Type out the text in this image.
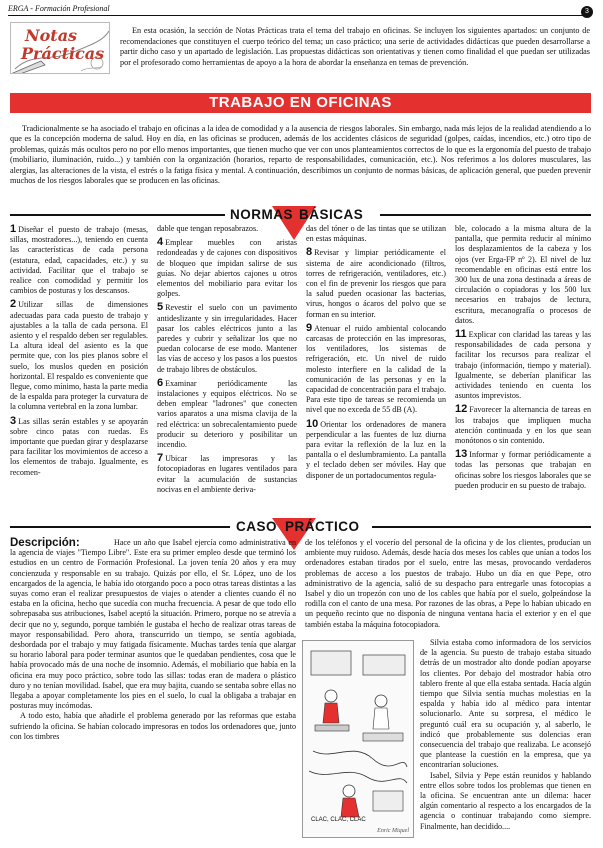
ERGA - Formación Profesional	3
Notas
Prácticas

En esta ocasión, la sección de Notas Prácticas trata el tema del trabajo en oficinas. Se incluyen los siguientes apartados: un conjunto de recomendaciones que constituyen el cuerpo teórico del tema; un caso práctico; una serie de actividades didácticas que pueden desarrollarse a partir dicho caso y un apartado de legislación. Las propuestas didácticas son orientativas y tienen como finalidad el que puedan ser utilizadas por el profesorado como herramientas de apoyo a la hora de abordar la enseñanza en temas de prevención.

TRABAJO EN OFICINAS

Tradicionalmente se ha asociado el trabajo en oficinas a la idea de comodidad y a la ausencia de riesgos laborales. Sin embargo, nada más lejos de la realidad atendiendo a lo que es la concepción moderna de salud. Hoy en día, en las oficinas se producen, además de los accidentes clásicos de seguridad (golpes, caídas, incendios, etc.) otro tipo de problemas, quizás más ocultos pero no por ello menos importantes, que tienen mucho que ver con unos planteamientos correctos de lo que es la ergonomía del puesto de trabajo (mobiliario, iluminación, ruido...) y también con la organización (horarios, reparto de responsabilidades, comunicación, etc.). Nos referimos a los dolores musculares, las alergias, las alteraciones de la vista, el estrés o la fatiga física y mental. A continuación, describimos un conjunto de normas básicas, de aplicación general, que pueden prevenir muchos de los riesgos laborales que se producen en las oficinas.

NORMAS BÁSICAS

1 Diseñar el puesto de trabajo (mesas, sillas, mostradores...), teniendo en cuenta las características de cada persona (estatura, edad, capacidades, etc.) y su actividad. Facilitar que el trabajo se realice con comodidad y permitir los cambios de posturas y los descansos.

2 Utilizar sillas de dimensiones adecuadas para cada puesto de trabajo y ajustables a la talla de cada persona. El asiento y el respaldo deben ser regulables. La altura ideal del asiento es la que permite que, con los pies planos sobre el suelo, los muslos queden en posición horizontal. El respaldo es conveniente que llegue, como mínimo, hasta la parte media de la espalda para proteger la curvatura de la columna vertebral en la zona lumbar.

3 Las sillas serán estables y se apoyarán sobre cinco patas con ruedas. Es importante que puedan girar y desplazarse para facilitar los movimientos de acceso a los elementos de trabajo. Igualmente, es recomen-

dable que tengan reposabrazos.

4 Emplear muebles con aristas redondeadas y de cajones con dispositivos de bloqueo que impidan salirse de sus guías. No dejar abiertos cajones u otros elementos del mobiliario para evitar los golpes.

5 Revestir el suelo con un pavimento antideslizante y sin irregularidades. Hacer pasar los cables eléctricos junto a las paredes y cubrir y señalizar los que no puedan colocarse de ese modo. Mantener las vías de acceso y los pasos a los puestos de trabajo libres de obstáculos.

6 Examinar periódicamente las instalaciones y equipos eléctricos. No se deben emplear "ladrones" que conecten varios aparatos a una misma clavija de la red eléctrica: un sobrecalentamiento puede producir su deterioro y posibilitar un incendio.

7 Ubicar las impresoras y las fotocopiadoras en lugares ventilados para evitar la acumulación de sustancias nocivas en el ambiente deriva-

das del tóner o de las tintas que se utilizan en estas máquinas.

8 Revisar y limpiar periódicamente el sistema de aire acondicionado (filtros, torres de refrigeración, ventiladores, etc.) con el fin de prevenir los riesgos que para la salud pueden ocasionar las bacterias, virus, hongos o ácaros del polvo que se forman en su interior.

9 Atenuar el ruido ambiental colocando carcasas de protección en las impresoras, los ventiladores, los sistemas de refrigeración, etc. Un nivel de ruido molesto interfiere en la calidad de la comunicación de las personas y en la capacidad de concentración para el trabajo. Para este tipo de tareas se recomienda un nivel que no exceda de 55 dB (A).

10 Orientar los ordenadores de manera perpendicular a las fuentes de luz diurna para evitar la reflexión de la luz en la pantalla o el deslumbramiento. La pantalla y el teclado deben ser móviles. Hay que disponer de un portadocumentos regula-

ble, colocado a la misma altura de la pantalla, que permita reducir al mínimo los desplazamientos de la cabeza y los ojos (ver Erga-FP nº 2). El nivel de luz recomendable en oficinas está entre los 300 lux de una zona destinada a áreas de circulación o copiadoras y los 500 lux necesarios en trabajos de lectura, escritura, mecanografía o procesos de datos.

11 Explicar con claridad las tareas y las responsabilidades de cada persona y facilitar los recursos para realizar el trabajo (información, tiempo y material). Igualmente, se deberían planificar las actividades teniendo en cuenta los asuntos imprevistos.

12 Favorecer la alternancia de tareas en los trabajos que impliquen mucha atención continuada y en los que sean monótonos o sin contenido.

13 Informar y formar periódicamente a todas las personas que trabajan en oficinas sobre los riesgos laborales que se pueden producir en su puesto de trabajo.

CASO PRÁCTICO
Descripción:	Hace un año que Isabel ejercía como administrativa en la agencia de viajes "Tiempo Libre". Este era su primer empleo desde que terminó los estudios en un centro de Formación Profesional. La joven tenía 20 años y era muy concienzuda y responsable en su trabajo. Quizás por ello, el Sr. López, uno de los encargados de la agencia, le había ido otorgando poco a poco otras tareas distintas a las suyas como eran el realizar presupuestos de viajes o atender a clientes cuando él no estaba en la oficina, hecho que sucedía con mucha frecuencia. A pesar de que todo ello sobrepasaba sus atribuciones, Isabel aceptó la situación. Primero, porque no se atrevía a decir que no y, segundo, porque también le gustaba el hecho de realizar otras tareas de mayor responsabilidad. Pero ahora, transcurrido un tiempo, se sentía agobiada, desbordada por el trabajo y muy fatigada físicamente. Muchas tardes tenía que alargar su horario laboral para poder terminar asuntos que le quedaban pendientes, cosa que le había provocado más de una noche de insomnio. Además, el mobiliario que había en la oficina era muy poco práctico, sobre todo las sillas: todas eran de madera o plástico duro y no tenían movilidad. Isabel, que era muy bajita, cuando se sentaba sobre ellas no llegaba a apoyar completamente los pies en el suelo, lo cual la obligaba a trabajar en posturas muy incómodas.

A todo esto, había que añadirle el problema generado por las reformas que estaba sufriendo la oficina. Se habían colocado impresoras en todos los ordenadores que, junto con los timbres

de los teléfonos y el vocerío del personal de la oficina y de los clientes, producían un ambiente muy ruidoso. Además, desde hacía dos meses los cables que unían a todos los ordenadores estaban tirados por el suelo, entre las mesas, provocando verdaderos problemas de acceso a los puestos de trabajo. Hubo un día en que Pepe, otro administrativo de la agencia, salió de su despacho para entregarle unas fotocopias a Isabel y dio un tropezón con uno de los cables que había por el suelo, golpeándose la rodilla con el canto de una mesa. Por razones de las obras, a Pepe lo habían ubicado en un pequeño recinto que no disponía de ninguna ventana hacia el exterior y en el que también estaba la máquina fotocopiadora.

CLAC, CLAC, CLAC
Enric Miquel

Silvia estaba como informadora de los servicios de la agencia. Su puesto de trabajo estaba situado detrás de un mostrador alto donde podían apoyarse los clientes. Por debajo del mostrador había otro tablero frente al que ella estaba sentada. Hacía algún tiempo que Silvia sentía muchas molestias en la espalda y había ido al médico para intentar solucionarlo. Ante su sorpresa, el médico le preguntó cuál era su ocupación y, al saberlo, le indicó que probablemente sus dolencias eran consecuencia del trabajo que realizaba. Le aconsejó que plantease la cuestión en la empresa, que ya encontrarían soluciones.

Isabel, Silvia y Pepe están reunidos y hablando entre ellos sobre todos los problemas que tienen en la oficina. Se encuentran ante un dilema: hacer algún comentario al respecto a los encargados de la agencia o continuar trabajando como siempre. Finalmente, han decidido....
